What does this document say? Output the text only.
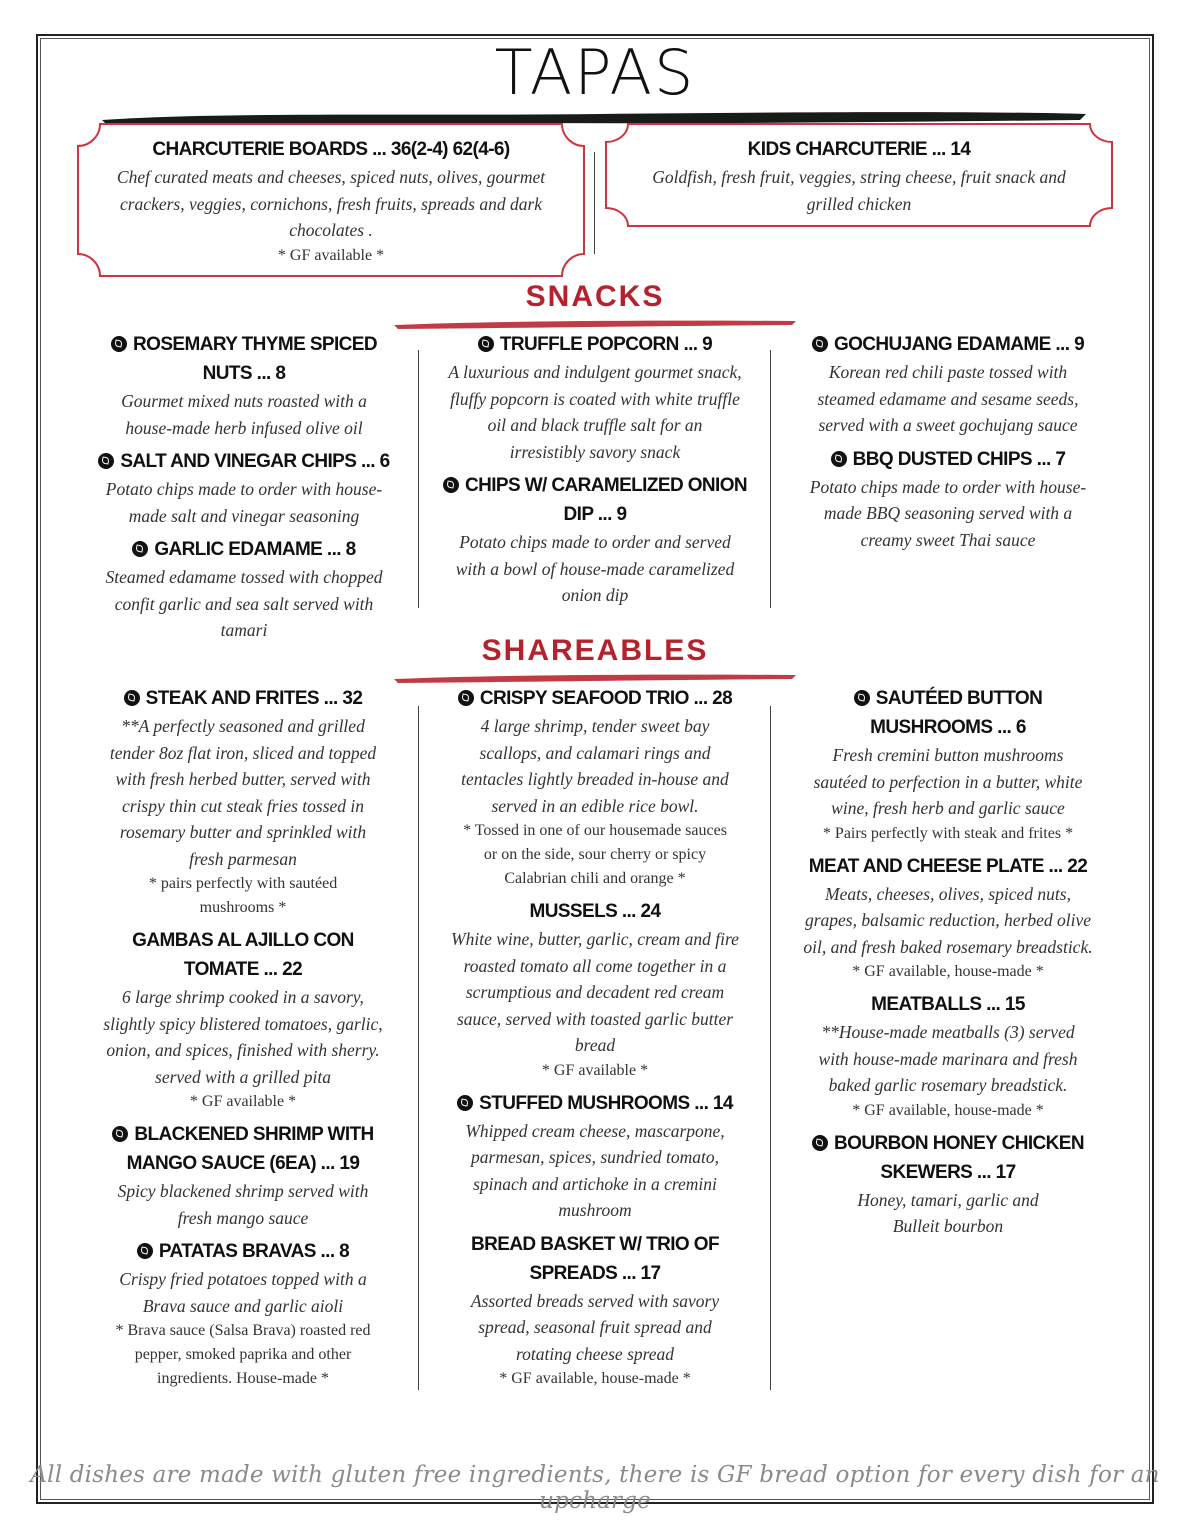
TAPAS
CHARCUTERIE BOARDS ... 36(2-4) 62(4-6)
Chef curated meats and cheeses, spiced nuts, olives, gourmet crackers, veggies, cornichons, fresh fruits, spreads and dark chocolates .
* GF available *
KIDS CHARCUTERIE ... 14
Goldfish, fresh fruit, veggies, string cheese, fruit snack and grilled chicken
SNACKS
ROSEMARY THYME SPICED NUTS ... 8
Gourmet mixed nuts roasted with a house-made herb infused olive oil
SALT AND VINEGAR CHIPS ... 6
Potato chips made to order with house-made salt and vinegar seasoning
GARLIC EDAMAME ... 8
Steamed edamame tossed with chopped confit garlic and sea salt served with tamari
TRUFFLE POPCORN ... 9
A luxurious and indulgent gourmet snack, fluffy popcorn is coated with white truffle oil and black truffle salt for an irresistibly savory snack
CHIPS W/ CARAMELIZED ONION DIP ... 9
Potato chips made to order and served with a bowl of house-made caramelized onion dip
GOCHUJANG EDAMAME ... 9
Korean red chili paste tossed with steamed edamame and sesame seeds, served with a sweet gochujang sauce
BBQ DUSTED CHIPS ... 7
Potato chips made to order with house-made BBQ seasoning served with a creamy sweet Thai sauce
SHAREABLES
STEAK AND FRITES ... 32
**A perfectly seasoned and grilled tender 8oz flat iron, sliced and topped with fresh herbed butter, served with crispy thin cut steak fries tossed in rosemary butter and sprinkled with fresh parmesan
* pairs perfectly with sautéed mushrooms *
GAMBAS AL AJILLO CON TOMATE ... 22
6 large shrimp cooked in a savory, slightly spicy blistered tomatoes, garlic, onion, and spices, finished with sherry. served with a grilled pita
* GF available *
BLACKENED SHRIMP WITH MANGO SAUCE (6EA) ... 19
Spicy blackened shrimp served with fresh mango sauce
PATATAS BRAVAS ... 8
Crispy fried potatoes topped with a Brava sauce and garlic aioli
* Brava sauce (Salsa Brava) roasted red pepper, smoked paprika and other ingredients. House-made *
CRISPY SEAFOOD TRIO ... 28
4 large shrimp, tender sweet bay scallops, and calamari rings and tentacles lightly breaded in-house and served in an edible rice bowl.
* Tossed in one of our housemade sauces or on the side, sour cherry or spicy Calabrian chili and orange *
MUSSELS ... 24
White wine, butter, garlic, cream and fire roasted tomato all come together in a scrumptious and decadent red cream sauce, served with toasted garlic butter bread
* GF available *
STUFFED MUSHROOMS ... 14
Whipped cream cheese, mascarpone, parmesan, spices, sundried tomato, spinach and artichoke in a cremini mushroom
BREAD BASKET W/ TRIO OF SPREADS ... 17
Assorted breads served with savory spread, seasonal fruit spread and rotating cheese spread
* GF available, house-made *
SAUTÉED BUTTON MUSHROOMS ... 6
Fresh cremini button mushrooms sautéed to perfection in a butter, white wine, fresh herb and garlic sauce
* Pairs perfectly with steak and frites *
MEAT AND CHEESE PLATE ... 22
Meats, cheeses, olives, spiced nuts, grapes, balsamic reduction, herbed olive oil, and fresh baked rosemary breadstick.
* GF available, house-made *
MEATBALLS ... 15
**House-made meatballs (3) served with house-made marinara and fresh baked garlic rosemary breadstick.
* GF available, house-made *
BOURBON HONEY CHICKEN SKEWERS ... 17
Honey, tamari, garlic and Bulleit bourbon
All dishes are made with gluten free ingredients, there is GF bread option for every dish for an upcharge
